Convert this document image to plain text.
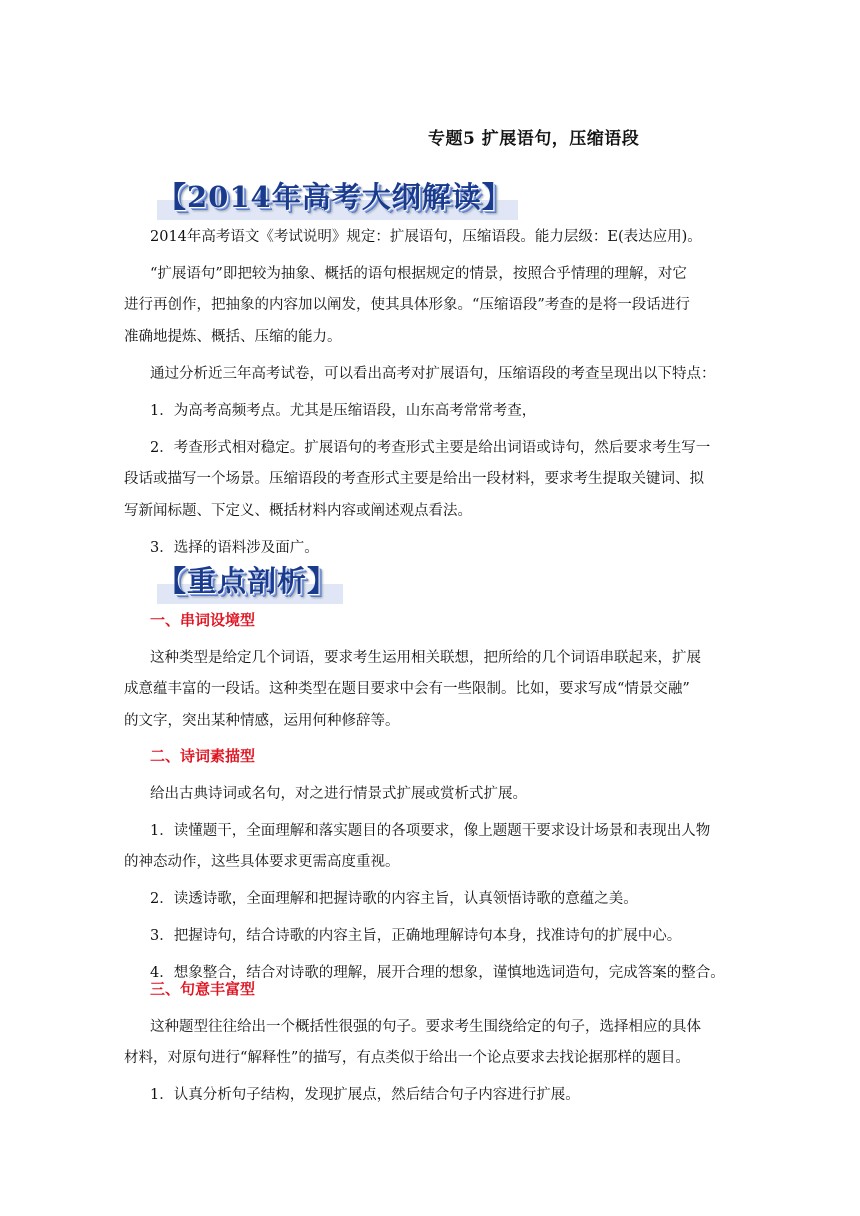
专题5 扩展语句，压缩语段
【2014年高考大纲解读】
2014年高考语文《考试说明》规定：扩展语句，压缩语段。能力层级：E(表达应用)。
“扩展语句”即把较为抽象、概括的语句根据规定的情景，按照合乎情理的理解，对它
进行再创作，把抽象的内容加以阐发，使其具体形象。“压缩语段”考查的是将一段话进行
准确地提炼、概括、压缩的能力。
通过分析近三年高考试卷，可以看出高考对扩展语句，压缩语段的考查呈现出以下特点：
1．为高考高频考点。尤其是压缩语段，山东高考常常考查，
2．考查形式相对稳定。扩展语句的考查形式主要是给出词语或诗句，然后要求考生写一
段话或描写一个场景。压缩语段的考查形式主要是给出一段材料，要求考生提取关键词、拟
写新闻标题、下定义、概括材料内容或阐述观点看法。
3．选择的语料涉及面广。
【重点剖析】
一、串词设境型
这种类型是给定几个词语，要求考生运用相关联想，把所给的几个词语串联起来，扩展
成意蕴丰富的一段话。这种类型在题目要求中会有一些限制。比如，要求写成“情景交融”
的文字，突出某种情感，运用何种修辞等。
二、诗词素描型
给出古典诗词或名句，对之进行情景式扩展或赏析式扩展。
1．读懂题干，全面理解和落实题目的各项要求，像上题题干要求设计场景和表现出人物
的神态动作，这些具体要求更需高度重视。
2．读透诗歌，全面理解和把握诗歌的内容主旨，认真领悟诗歌的意蕴之美。
3．把握诗句，结合诗歌的内容主旨，正确地理解诗句本身，找准诗句的扩展中心。
4．想象整合，结合对诗歌的理解，展开合理的想象，谨慎地选词造句，完成答案的整合。
三、句意丰富型
这种题型往往给出一个概括性很强的句子。要求考生围绕给定的句子，选择相应的具体
材料，对原句进行“解释性”的描写，有点类似于给出一个论点要求去找论据那样的题目。
1．认真分析句子结构，发现扩展点，然后结合句子内容进行扩展。
